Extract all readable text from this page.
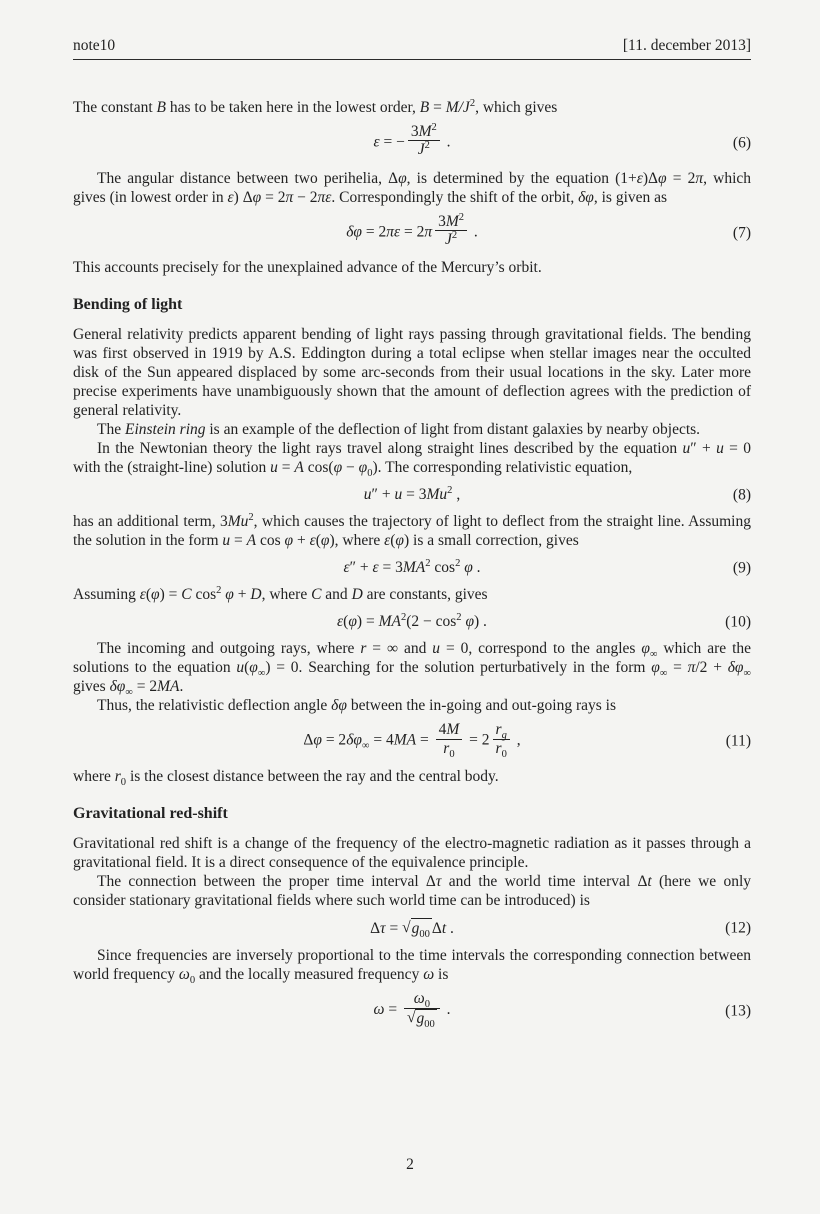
note10	[11. december 2013]
The constant B has to be taken here in the lowest order, $B = M/J^2$, which gives
ε = − $\frac{3M^2}{J^2}$ .	(6)
The angular distance between two perihelia, Δφ, is determined by the equation (1+ε)Δφ = 2π, which gives (in lowest order in ε) Δφ = 2π − 2πε. Correspondingly the shift of the orbit, δφ, is given as
$\delta\varphi = 2\pi\varepsilon = 2\pi \frac{3M^2}{J^2}$ .	(7)
This accounts precisely for the unexplained advance of the Mercury’s orbit.
Bending of light
General relativity predicts apparent bending of light rays passing through gravitational fields. The bending was first observed in 1919 by A.S. Eddington during a total eclipse when stellar images near the occulted disk of the Sun appeared displaced by some arc-seconds from their usual locations in the sky. Later more precise experiments have unambiguously shown that the amount of deflection agrees with the prediction of general relativity.
The Einstein ring is an example of the deflection of light from distant galaxies by nearby objects.
In the Newtonian theory the light rays travel along straight lines described by the equation u″ + u = 0 with the (straight-line) solution u = A $\cos(\varphi - \varphi_0)$. The corresponding relativistic equation,
$u'' + u = 3Mu^2$ ,	(8)
has an additional term, 3Mu$^2$, which causes the trajectory of light to deflect from the straight line. Assuming the solution in the form u = A cos φ + ε(φ), where ε(φ) is a small correction, gives
$\varepsilon'' + \varepsilon = 3MA^2$ $\cos^2 \varphi$ .	(9)
Assuming ε(φ) = C $\cos^2 \varphi + D$, where C and D are constants, gives
$\varepsilon(\varphi) = MA^2(2 - \cos^2 \varphi)$ .	(10)
The incoming and outgoing rays, where r = ∞ and u = 0, correspond to the angles $\varphi_\infty$ which are the solutions to the equation $u(\varphi_\infty) = 0$. Searching for the solution perturbatively in the form $\varphi_\infty = \pi/2 + \delta\varphi_\infty$ gives $\delta\varphi_\infty = 2MA$.
Thus, the relativistic deflection angle δφ between the in-going and out-going rays is
$\Delta\varphi = 2\delta\varphi_\infty = 4MA = \frac{4M}{r_0} = 2 \frac{r_g}{r_0}$ ,	(11)
where $r_0$ is the closest distance between the ray and the central body.
Gravitational red-shift
Gravitational red shift is a change of the frequency of the electro-magnetic radiation as it passes through a gravitational field. It is a direct consequence of the equivalence principle.
The connection between the proper time interval Δτ and the world time interval Δt (here we only consider stationary gravitational fields where such world time can be introduced) is
$\Delta\tau = √g_{00}$ Δt .	(12)
Since frequencies are inversely proportional to the time intervals the corresponding connection between world frequency $\omega_0$ and the locally measured frequency ω is
$\omega = \frac{\omega_0}{√g_{00}}$ .	(13)
2
